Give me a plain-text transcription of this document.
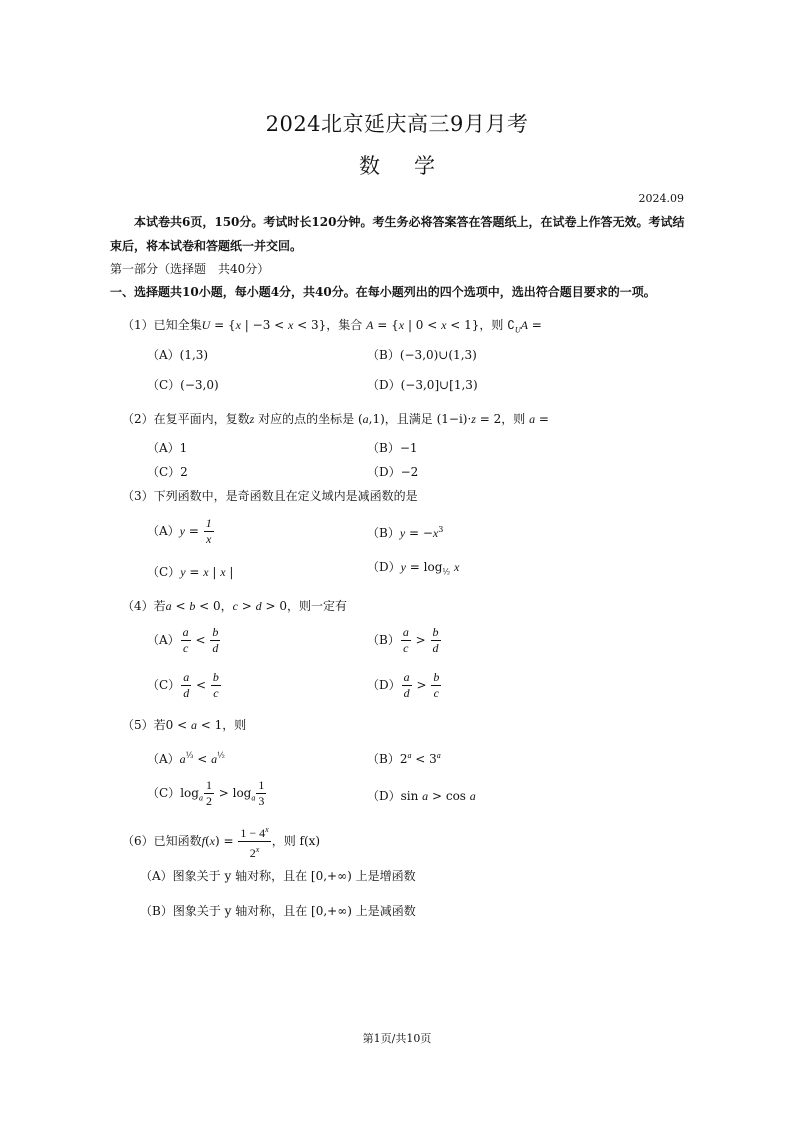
2024北京延庆高三9月月考
数学
2024.09
本试卷共6页，150分。考试时长120分钟。考生务必将答案答在答题纸上，在试卷上作答无效。考试结束后，将本试卷和答题纸一并交回。
第一部分（选择题　共40分）
一、选择题共10小题，每小题4分，共40分。在每小题列出的四个选项中，选出符合题目要求的一项。
（1）已知全集U = {x | −3 < x < 3}，集合 A = {x | 0 < x < 1}，则 $∁_UA$ =
（A）(1,3)	（B）(−3,0)∪(1,3)
（C）(−3,0)	（D）(−3,0]∪[1,3)
（2）在复平面内，复数z 对应的点的坐标是 (a,1)，且满足 (1−i)·z = 2，则 a =
（A）1	（B）−1
（C）2	（D）−2
（3）下列函数中，是奇函数且在定义域内是减函数的是
$(A)y = \frac{1}{x}$	$(B)y = -x^3$
（C）y = x | x |	$(D)y = \log_{\frac{1}{2}} x$
（4）若a < b < 0，c > d > 0，则一定有
$(A) \frac{a}{c} < \frac{b}{d}$	$(B) \frac{a}{c} > \frac{b}{d}$
$(C) \frac{a}{d} < \frac{b}{c}$	$(D) \frac{a}{d} > \frac{b}{c}$
（5）若0 < a < 1，则
$(A)a^{\frac{1}{3}} < a^{\frac{1}{2}}$	$(B)2^a < 3^a$
$(C)\log_a \frac{1}{2} > \log_a \frac{1}{3}$	（D）sin a > cos a
（6）已知函数$f(x) = \frac{1 - 4^x}{2^x}$ ，则 f(x)
（A）图象关于 y 轴对称，且在 [0,+∞) 上是增函数
（B）图象关于 y 轴对称，且在 [0,+∞) 上是减函数
第1页/共10页
